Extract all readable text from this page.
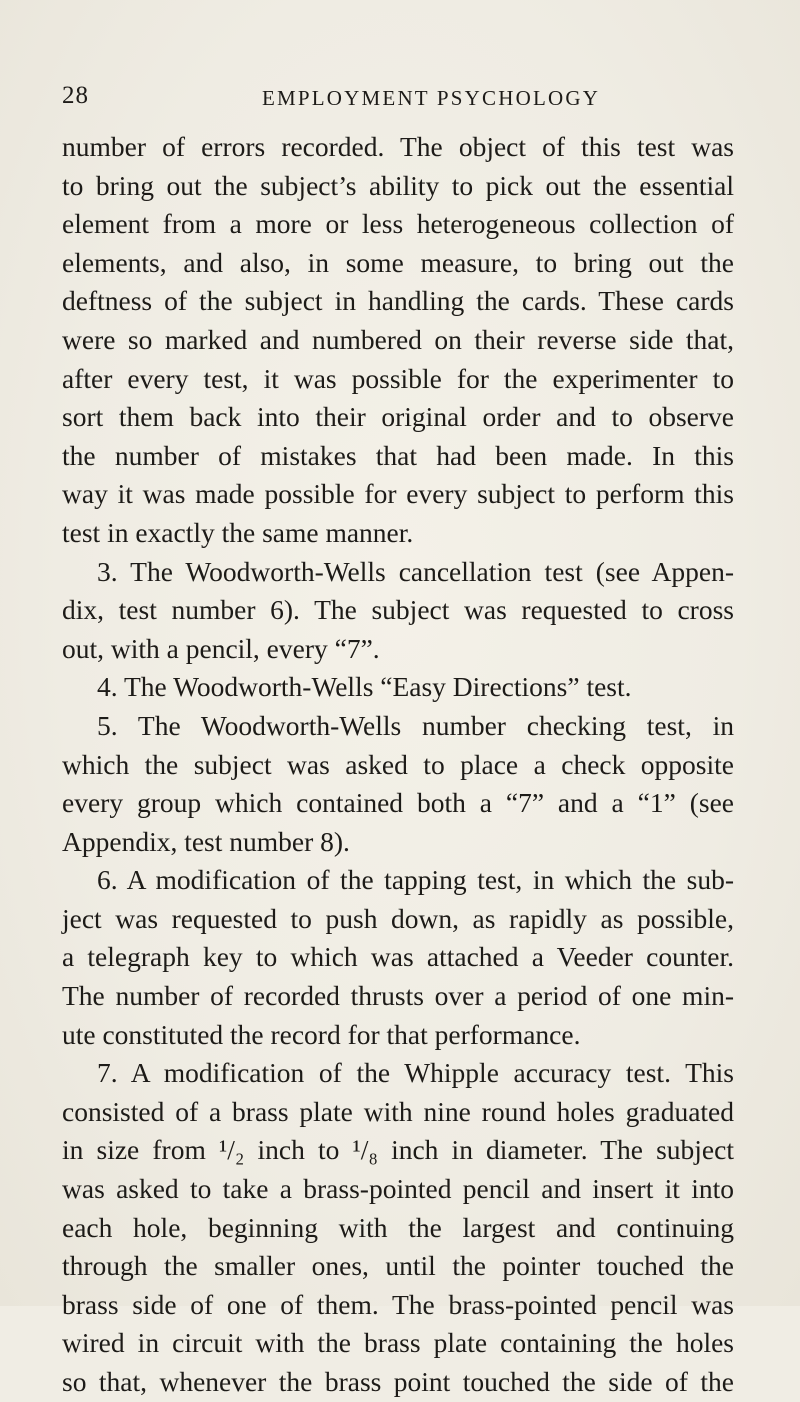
28	EMPLOYMENT PSYCHOLOGY
number of errors recorded. The object of this test was
to bring out the subject’s ability to pick out the essential
element from a more or less heterogeneous collection of
elements, and also, in some measure, to bring out the
deftness of the subject in handling the cards. These cards
were so marked and numbered on their reverse side that,
after every test, it was possible for the experimenter to
sort them back into their original order and to observe
the number of mistakes that had been made. In this
way it was made possible for every subject to perform this
test in exactly the same manner.
3. The Woodworth-Wells cancellation test (see Appen-
dix, test number 6). The subject was requested to cross
out, with a pencil, every “7”.
4. The Woodworth-Wells “Easy Directions” test.
5. The Woodworth-Wells number checking test, in
which the subject was asked to place a check opposite
every group which contained both a “7” and a “1” (see
Appendix, test number 8).
6. A modification of the tapping test, in which the sub-
ject was requested to push down, as rapidly as possible,
a telegraph key to which was attached a Veeder counter.
The number of recorded thrusts over a period of one min-
ute constituted the record for that performance.
7. A modification of the Whipple accuracy test. This
consisted of a brass plate with nine round holes graduated
in size from ¹/₂ inch to ¹/₈ inch in diameter. The subject
was asked to take a brass-pointed pencil and insert it into
each hole, beginning with the largest and continuing
through the smaller ones, until the pointer touched the
brass side of one of them. The brass-pointed pencil was
wired in circuit with the brass plate containing the holes
so that, whenever the brass point touched the side of the
